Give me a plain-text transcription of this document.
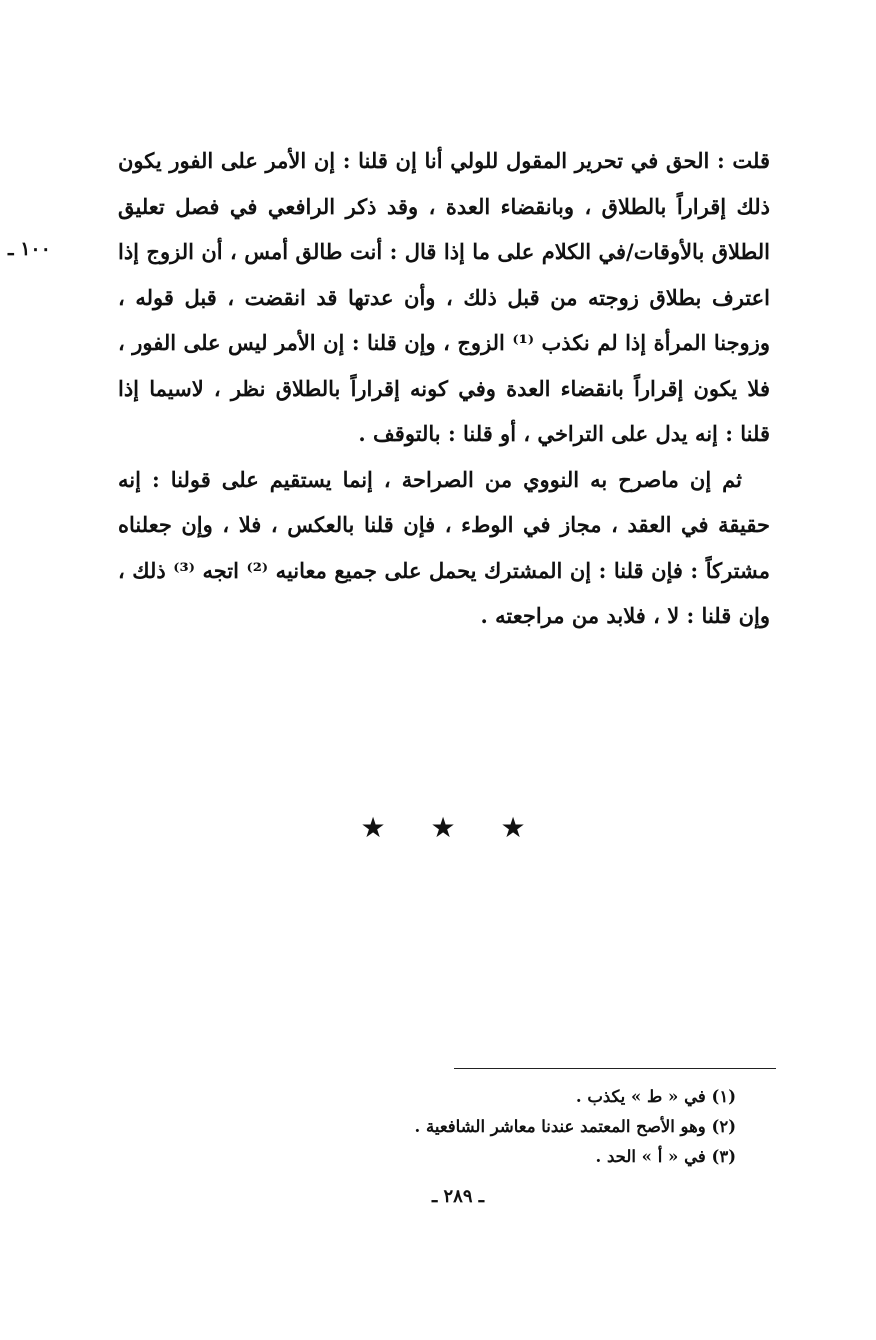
١٠٠ ـ

قلت : الحق في تحرير المقول للولي أنا إن قلنا : إن الأمر على الفور يكون ذلك إقراراً بالطلاق ، وبانقضاء العدة ، وقد ذكر الرافعي في فصل تعليق الطلاق بالأوقات/في الكلام على ما إذا قال : أنت طالق أمس ، أن الزوج إذا اعترف بطلاق زوجته من قبل ذلك ، وأن عدتها قد انقضت ، قبل قوله ، وزوجنا المرأة إذا لم نكذب ⁽¹⁾ الزوج ، وإن قلنا : إن الأمر ليس على الفور ، فلا يكون إقراراً بانقضاء العدة وفي كونه إقراراً بالطلاق نظر ، لاسيما إذا قلنا : إنه يدل على التراخي ، أو قلنا : بالتوقف .

ثم إن ماصرح به النووي من الصراحة ، إنما يستقيم على قولنا : إنه حقيقة في العقد ، مجاز في الوطء ، فإن قلنا بالعكس ، فلا ، وإن جعلناه مشتركاً : فإن قلنا : إن المشترك يحمل على جميع معانيه ⁽²⁾ اتجه ⁽³⁾ ذلك ، وإن قلنا : لا ، فلابد من مراجعته .

★ ★ ★
(١) في « ط » يكذب .
(٢) وهو الأصح المعتمد عندنا معاشر الشافعية .
(٣) في « أ » الحد .
ـ ٢٨٩ ـ
